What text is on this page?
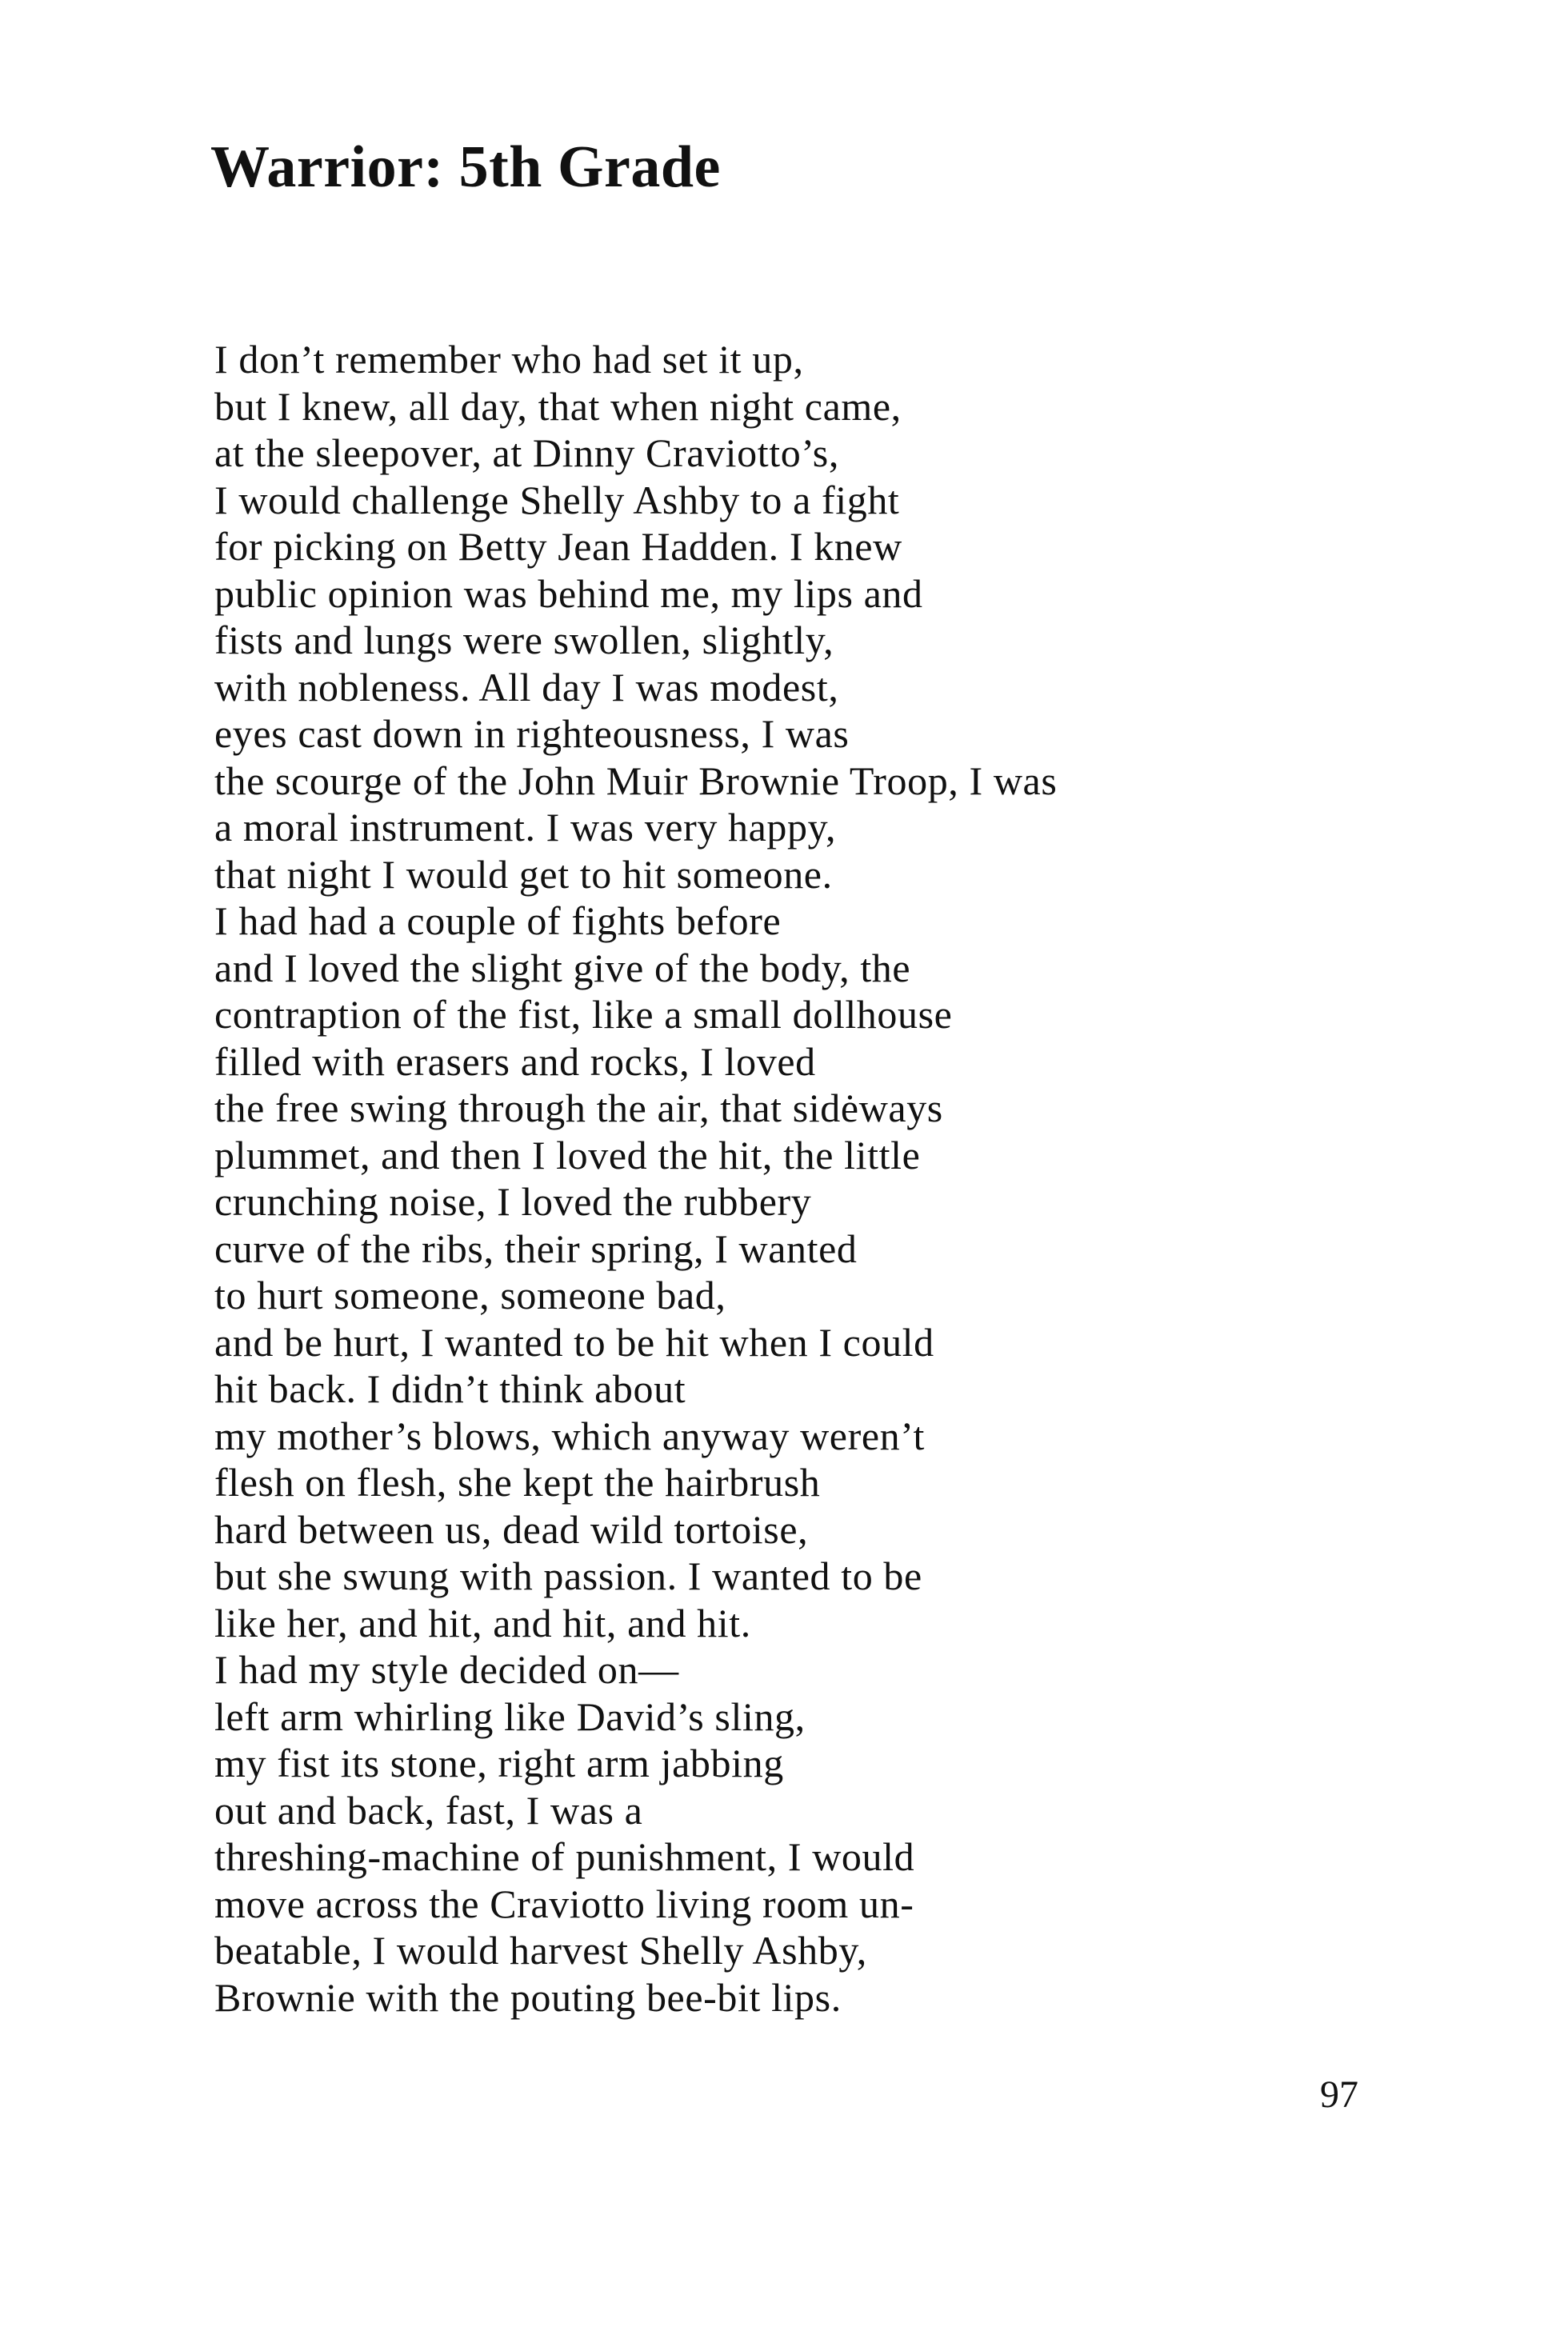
Warrior: 5th Grade
I don’t remember who had set it up,
but I knew, all day, that when night came,
at the sleepover, at Dinny Craviotto’s,
I would challenge Shelly Ashby to a fight
for picking on Betty Jean Hadden. I knew
public opinion was behind me, my lips and
fists and lungs were swollen, slightly,
with nobleness. All day I was modest,
eyes cast down in righteousness, I was
the scourge of the John Muir Brownie Troop, I was
a moral instrument. I was very happy,
that night I would get to hit someone.
I had had a couple of fights before
and I loved the slight give of the body, the
contraption of the fist, like a small dollhouse
filled with erasers and rocks, I loved
the free swing through the air, that sidėways
plummet, and then I loved the hit, the little
crunching noise, I loved the rubbery
curve of the ribs, their spring, I wanted
to hurt someone, someone bad,
and be hurt, I wanted to be hit when I could
hit back. I didn’t think about
my mother’s blows, which anyway weren’t
flesh on flesh, she kept the hairbrush
hard between us, dead wild tortoise,
but she swung with passion. I wanted to be
like her, and hit, and hit, and hit.
I had my style decided on—
left arm whirling like David’s sling,
my fist its stone, right arm jabbing
out and back, fast, I was a
threshing-machine of punishment, I would
move across the Craviotto living room un-
beatable, I would harvest Shelly Ashby,
Brownie with the pouting bee-bit lips.
97
